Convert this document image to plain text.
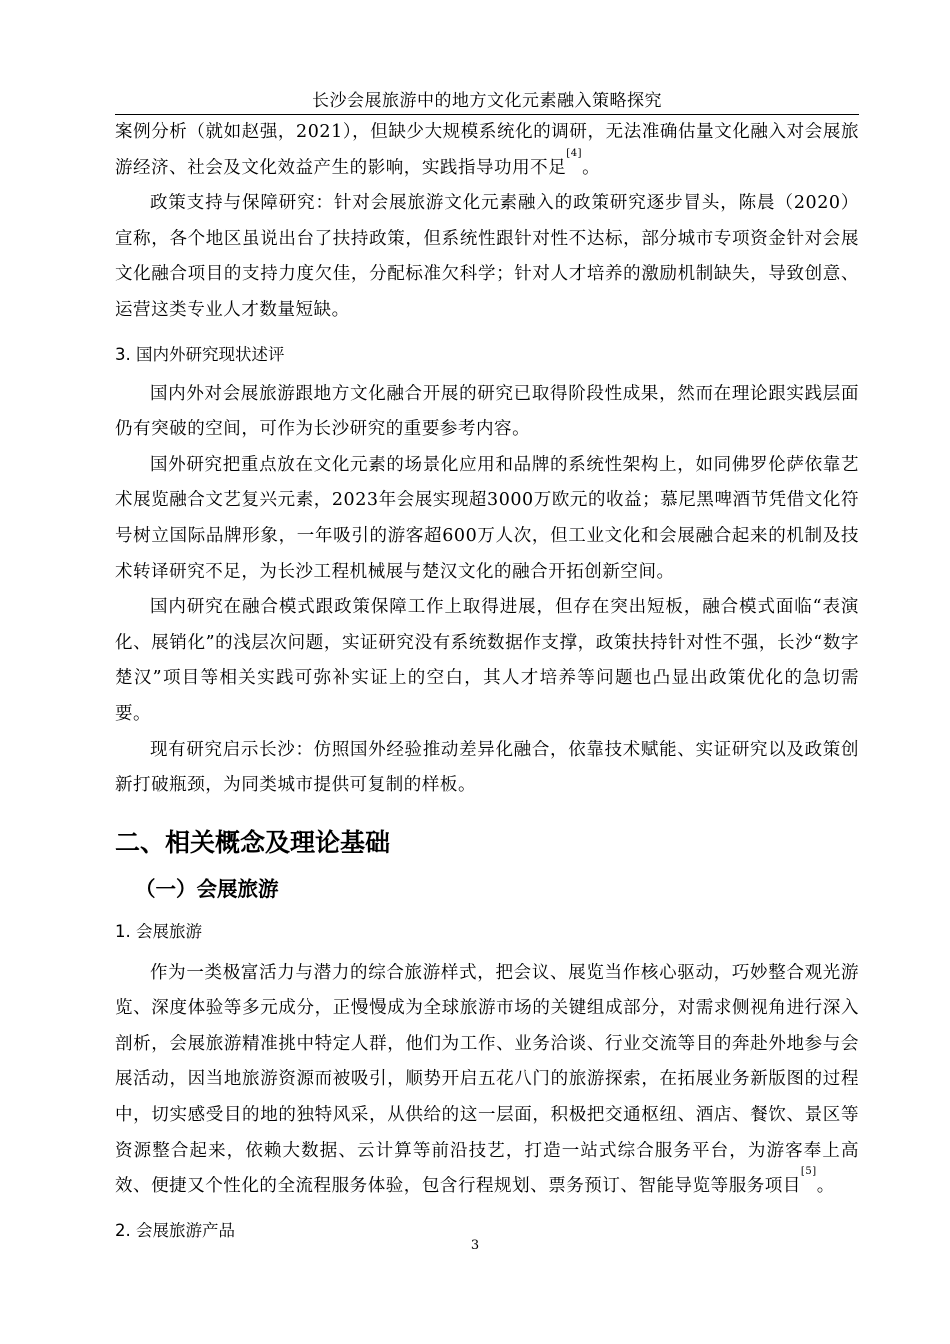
长沙会展旅游中的地方文化元素融入策略探究

案例分析（就如赵强，2021），但缺少大规模系统化的调研，无法准确估量文化融入对会展旅游经济、社会及文化效益产生的影响，实践指导功用不足[4]。

政策支持与保障研究：针对会展旅游文化元素融入的政策研究逐步冒头，陈晨（2020）宣称，各个地区虽说出台了扶持政策，但系统性跟针对性不达标，部分城市专项资金针对会展文化融合项目的支持力度欠佳，分配标准欠科学；针对人才培养的激励机制缺失，导致创意、运营这类专业人才数量短缺。

3. 国内外研究现状述评

国内外对会展旅游跟地方文化融合开展的研究已取得阶段性成果，然而在理论跟实践层面仍有突破的空间，可作为长沙研究的重要参考内容。

国外研究把重点放在文化元素的场景化应用和品牌的系统性架构上，如同佛罗伦萨依靠艺术展览融合文艺复兴元素，2023年会展实现超3000万欧元的收益；慕尼黑啤酒节凭借文化符号树立国际品牌形象，一年吸引的游客超600万人次，但工业文化和会展融合起来的机制及技术转译研究不足，为长沙工程机械展与楚汉文化的融合开拓创新空间。

国内研究在融合模式跟政策保障工作上取得进展，但存在突出短板，融合模式面临“表演化、展销化”的浅层次问题，实证研究没有系统数据作支撑，政策扶持针对性不强，长沙“数字楚汉”项目等相关实践可弥补实证上的空白，其人才培养等问题也凸显出政策优化的急切需要。

现有研究启示长沙：仿照国外经验推动差异化融合，依靠技术赋能、实证研究以及政策创新打破瓶颈，为同类城市提供可复制的样板。

二、相关概念及理论基础
（一）会展旅游
1. 会展旅游

作为一类极富活力与潜力的综合旅游样式，把会议、展览当作核心驱动，巧妙整合观光游览、深度体验等多元成分，正慢慢成为全球旅游市场的关键组成部分，对需求侧视角进行深入剖析，会展旅游精准挑中特定人群，他们为工作、业务洽谈、行业交流等目的奔赴外地参与会展活动，因当地旅游资源而被吸引，顺势开启五花八门的旅游探索，在拓展业务新版图的过程中，切实感受目的地的独特风采，从供给的这一层面，积极把交通枢纽、酒店、餐饮、景区等资源整合起来，依赖大数据、云计算等前沿技艺，打造一站式综合服务平台，为游客奉上高效、便捷又个性化的全流程服务体验，包含行程规划、票务预订、智能导览等服务项目[5]。

2. 会展旅游产品
3
